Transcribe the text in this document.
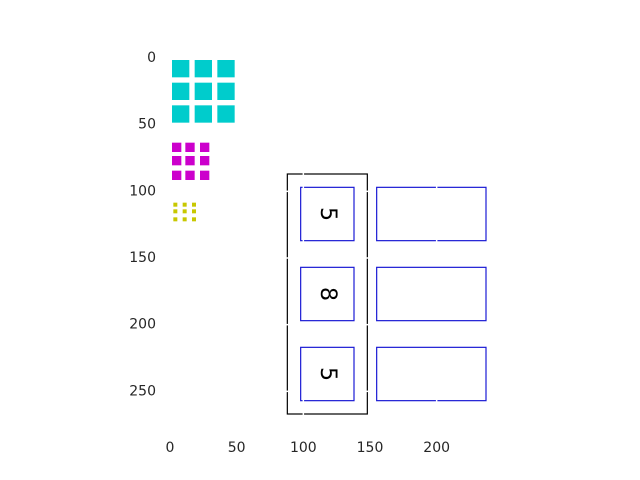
0	50	100	150	200
0
50
100
150
200
250
5
8
5
